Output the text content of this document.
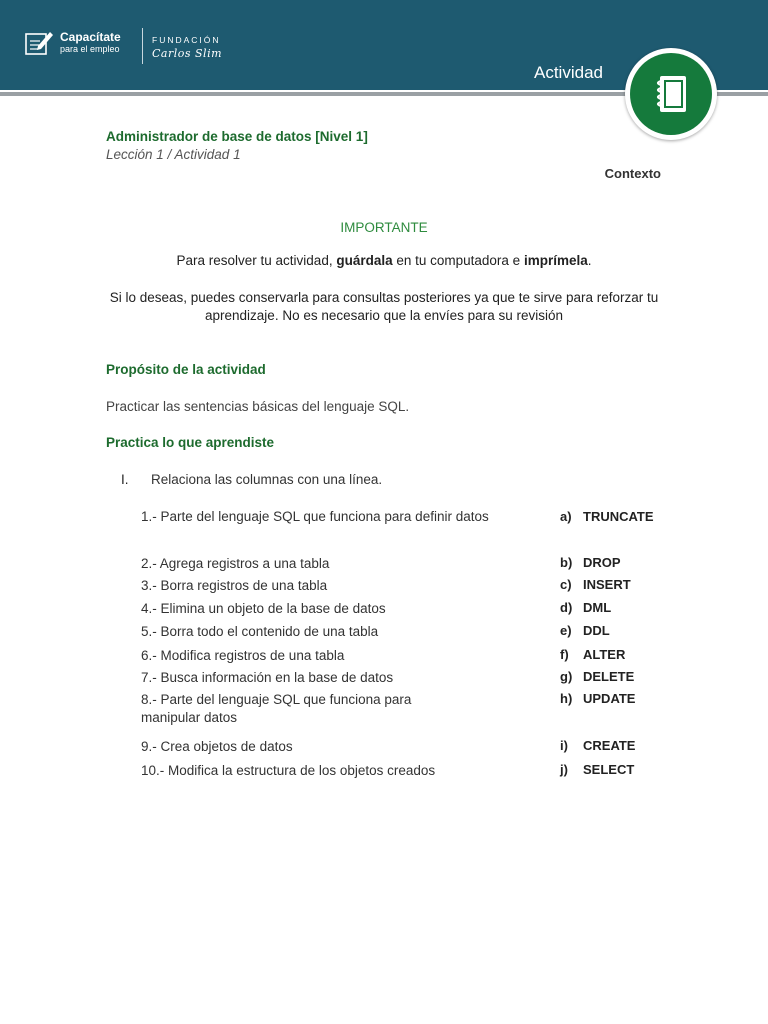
Capacítate
para el empleo
FUNDACIÓN
Carlos Slim
Actividad
Administrador de base de datos [Nivel 1]
Lección 1 / Actividad 1
Contexto
IMPORTANTE
Para resolver tu actividad, guárdala en tu computadora e imprímela.
Si lo deseas, puedes conservarla para consultas posteriores ya que te sirve para reforzar tu aprendizaje. No es necesario que la envíes para su revisión
Propósito de la actividad
Practicar las sentencias básicas del lenguaje SQL.
Practica lo que aprendiste
I. Relaciona las columnas con una línea.
1.- Parte del lenguaje SQL que funciona para definir datos
2.- Agrega registros a una tabla
3.- Borra registros de una tabla
4.- Elimina un objeto de la base de datos
5.- Borra todo el contenido de una tabla
6.- Modifica registros de una tabla
7.- Busca información en la base de datos
8.- Parte del lenguaje SQL que funciona para manipular datos
9.- Crea objetos de datos
10.- Modifica la estructura de los objetos creados
a) TRUNCATE
b) DROP
c) INSERT
d) DML
e) DDL
f) ALTER
g) DELETE
h) UPDATE
i) CREATE
j) SELECT
